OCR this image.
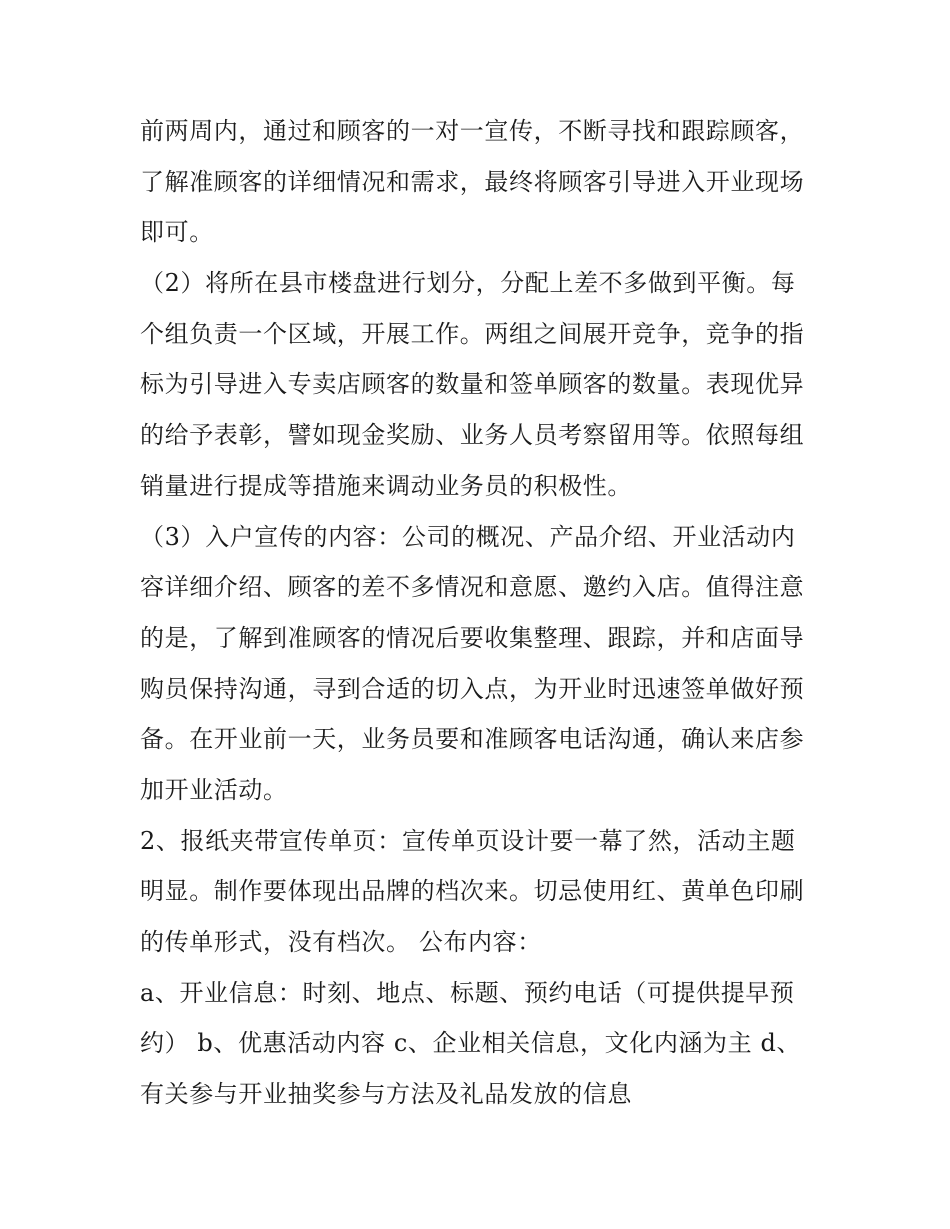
前两周内，通过和顾客的一对一宣传，不断寻找和跟踪顾客，
了解准顾客的详细情况和需求，最终将顾客引导进入开业现场
即可。
（2）将所在县市楼盘进行划分，分配上差不多做到平衡。每
个组负责一个区域，开展工作。两组之间展开竞争，竞争的指
标为引导进入专卖店顾客的数量和签单顾客的数量。表现优异
的给予表彰，譬如现金奖励、业务人员考察留用等。依照每组
销量进行提成等措施来调动业务员的积极性。
（3）入户宣传的内容：公司的概况、产品介绍、开业活动内
容详细介绍、顾客的差不多情况和意愿、邀约入店。值得注意
的是，了解到准顾客的情况后要收集整理、跟踪，并和店面导
购员保持沟通，寻到合适的切入点，为开业时迅速签单做好预
备。在开业前一天，业务员要和准顾客电话沟通，确认来店参
加开业活动。
2、报纸夹带宣传单页：宣传单页设计要一幕了然，活动主题
明显。制作要体现出品牌的档次来。切忌使用红、黄单色印刷
的传单形式，没有档次。 公布内容：
a、开业信息：时刻、地点、标题、预约电话（可提供提早预
约） b、优惠活动内容 c、企业相关信息，文化内涵为主 d、
有关参与开业抽奖参与方法及礼品发放的信息
